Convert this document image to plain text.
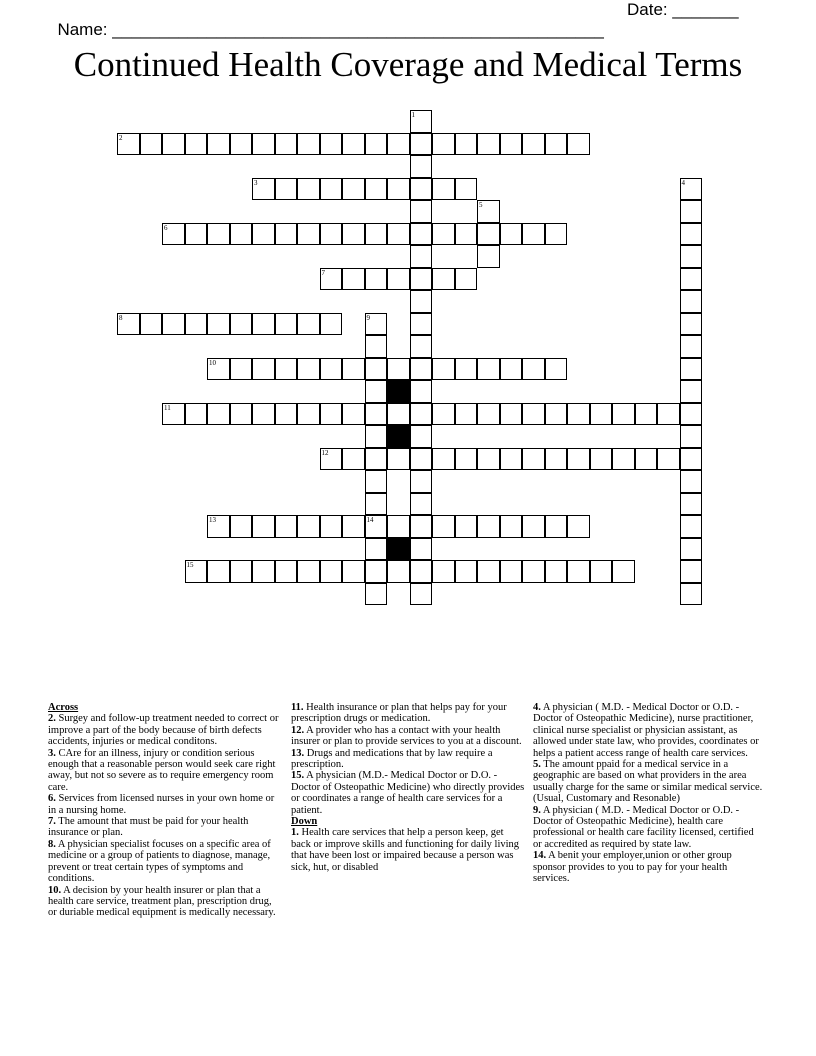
Name: ____________________________________________________

Date: _______

Continued Health Coverage and Medical Terms
2
3
6
7
8
10
11
12
13	14
15
1
4
5
9
Across
2. Surgey and follow-up treatment needed to correct or improve a part of the body because of birth defects accidents, injuries or medical conditons.
3. CAre for an illness, injury or condition serious enough that a reasonable person would seek care right away, but not so severe as to require emergency room care.
6. Services from licensed nurses in your own home or in a nursing home.
7. The amount that must be paid for your health insurance or plan.
8. A physician specialist focuses on a specific area of medicine or a group of patients to diagnose, manage, prevent or treat certain types of symptoms and conditions.
10. A decision by your health insurer or plan that a health care service, treatment plan, prescription drug, or duriable medical equipment is medically necessary.
11. Health insurance or plan that helps pay for your prescription drugs or medication.
12. A provider who has a contact with your health insurer or plan to provide services to you at a discount.
13. Drugs and medications that by law require a prescription.
15. A physician (M.D.- Medical Doctor or D.O. - Doctor of Osteopathic Medicine) who directly provides or coordinates a range of health care services for a patient.
Down
1. Health care services that help a person keep, get back or improve skills and functioning for daily living that have been lost or impaired because a person was sick, hut, or disabled
4. A physician ( M.D. - Medical Doctor or O.D. - Doctor of Osteopathic Medicine), nurse practitioner, clinical nurse specialist or physician assistant, as allowed under state law, who provides, coordinates or helps a patient access range of health care services.
5. The amount ppaid for a medical service in a geographic are based on what providers in the area usually charge for the same or similar medical service. (Usual, Customary and Resonable)
9. A physician ( M.D. - Medical Doctor or O.D. - Doctor of Osteopathic Medicine), health care professional or health care facility licensed, certified or accredited as required by state law.
14. A benit your employer,union or other group sponsor provides to you to pay for your health services.
